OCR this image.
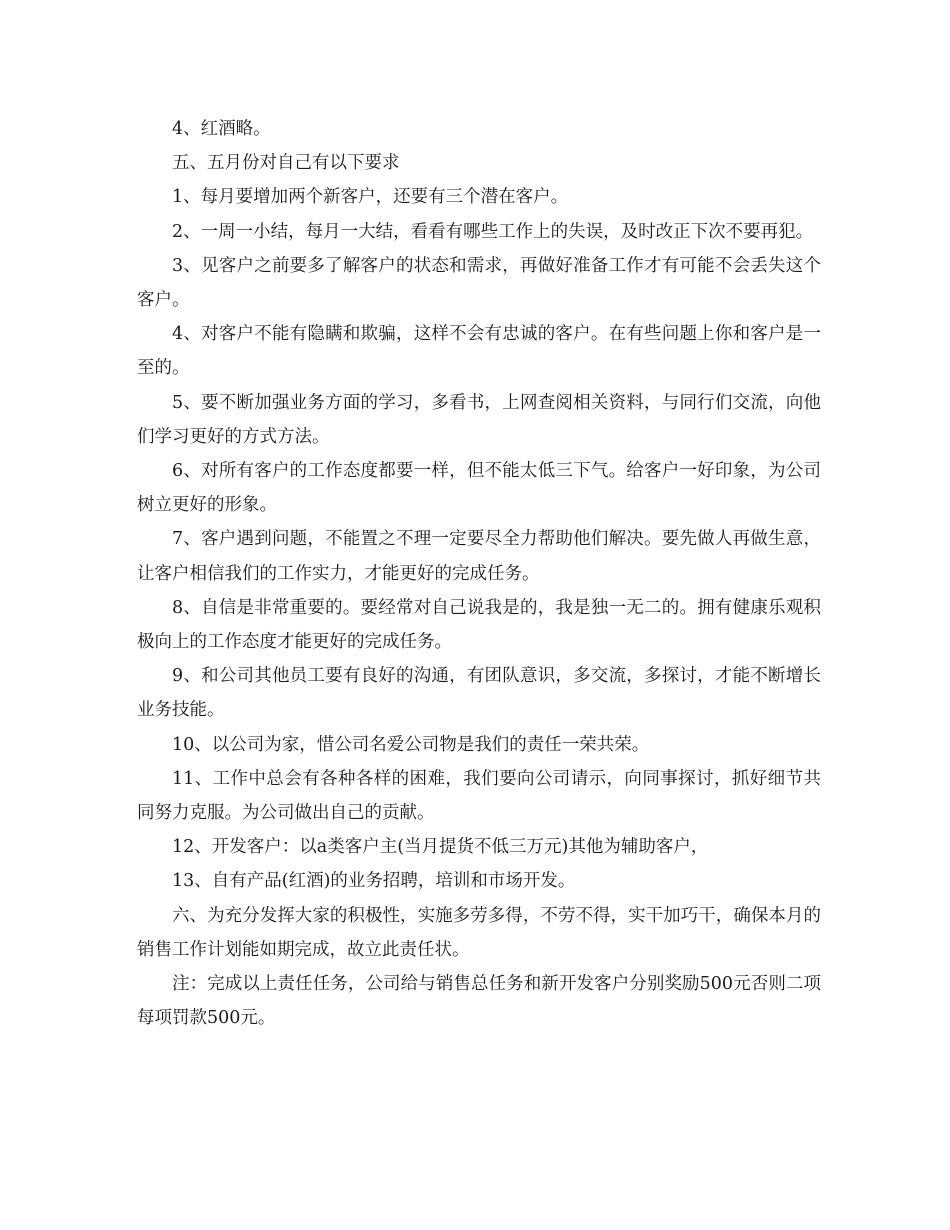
4、红酒略。

五、五月份对自己有以下要求

1、每月要增加两个新客户，还要有三个潜在客户。

2、一周一小结，每月一大结，看看有哪些工作上的失误，及时改正下次不要再犯。

3、见客户之前要多了解客户的状态和需求，再做好准备工作才有可能不会丢失这个客户。

4、对客户不能有隐瞒和欺骗，这样不会有忠诚的客户。在有些问题上你和客户是一至的。

5、要不断加强业务方面的学习，多看书，上网查阅相关资料，与同行们交流，向他们学习更好的方式方法。

6、对所有客户的工作态度都要一样，但不能太低三下气。给客户一好印象，为公司树立更好的形象。

7、客户遇到问题，不能置之不理一定要尽全力帮助他们解决。要先做人再做生意，让客户相信我们的工作实力，才能更好的完成任务。

8、自信是非常重要的。要经常对自己说我是的，我是独一无二的。拥有健康乐观积极向上的工作态度才能更好的完成任务。

9、和公司其他员工要有良好的沟通，有团队意识，多交流，多探讨，才能不断增长业务技能。

10、以公司为家，惜公司名爱公司物是我们的责任一荣共荣。

11、工作中总会有各种各样的困难，我们要向公司请示，向同事探讨，抓好细节共同努力克服。为公司做出自己的贡献。

12、开发客户：以a类客户主(当月提货不低三万元)其他为辅助客户，

13、自有产品(红酒)的业务招聘，培训和市场开发。

六、为充分发挥大家的积极性，实施多劳多得，不劳不得，实干加巧干，确保本月的销售工作计划能如期完成，故立此责任状。

注：完成以上责任任务，公司给与销售总任务和新开发客户分别奖励500元否则二项每项罚款500元。
